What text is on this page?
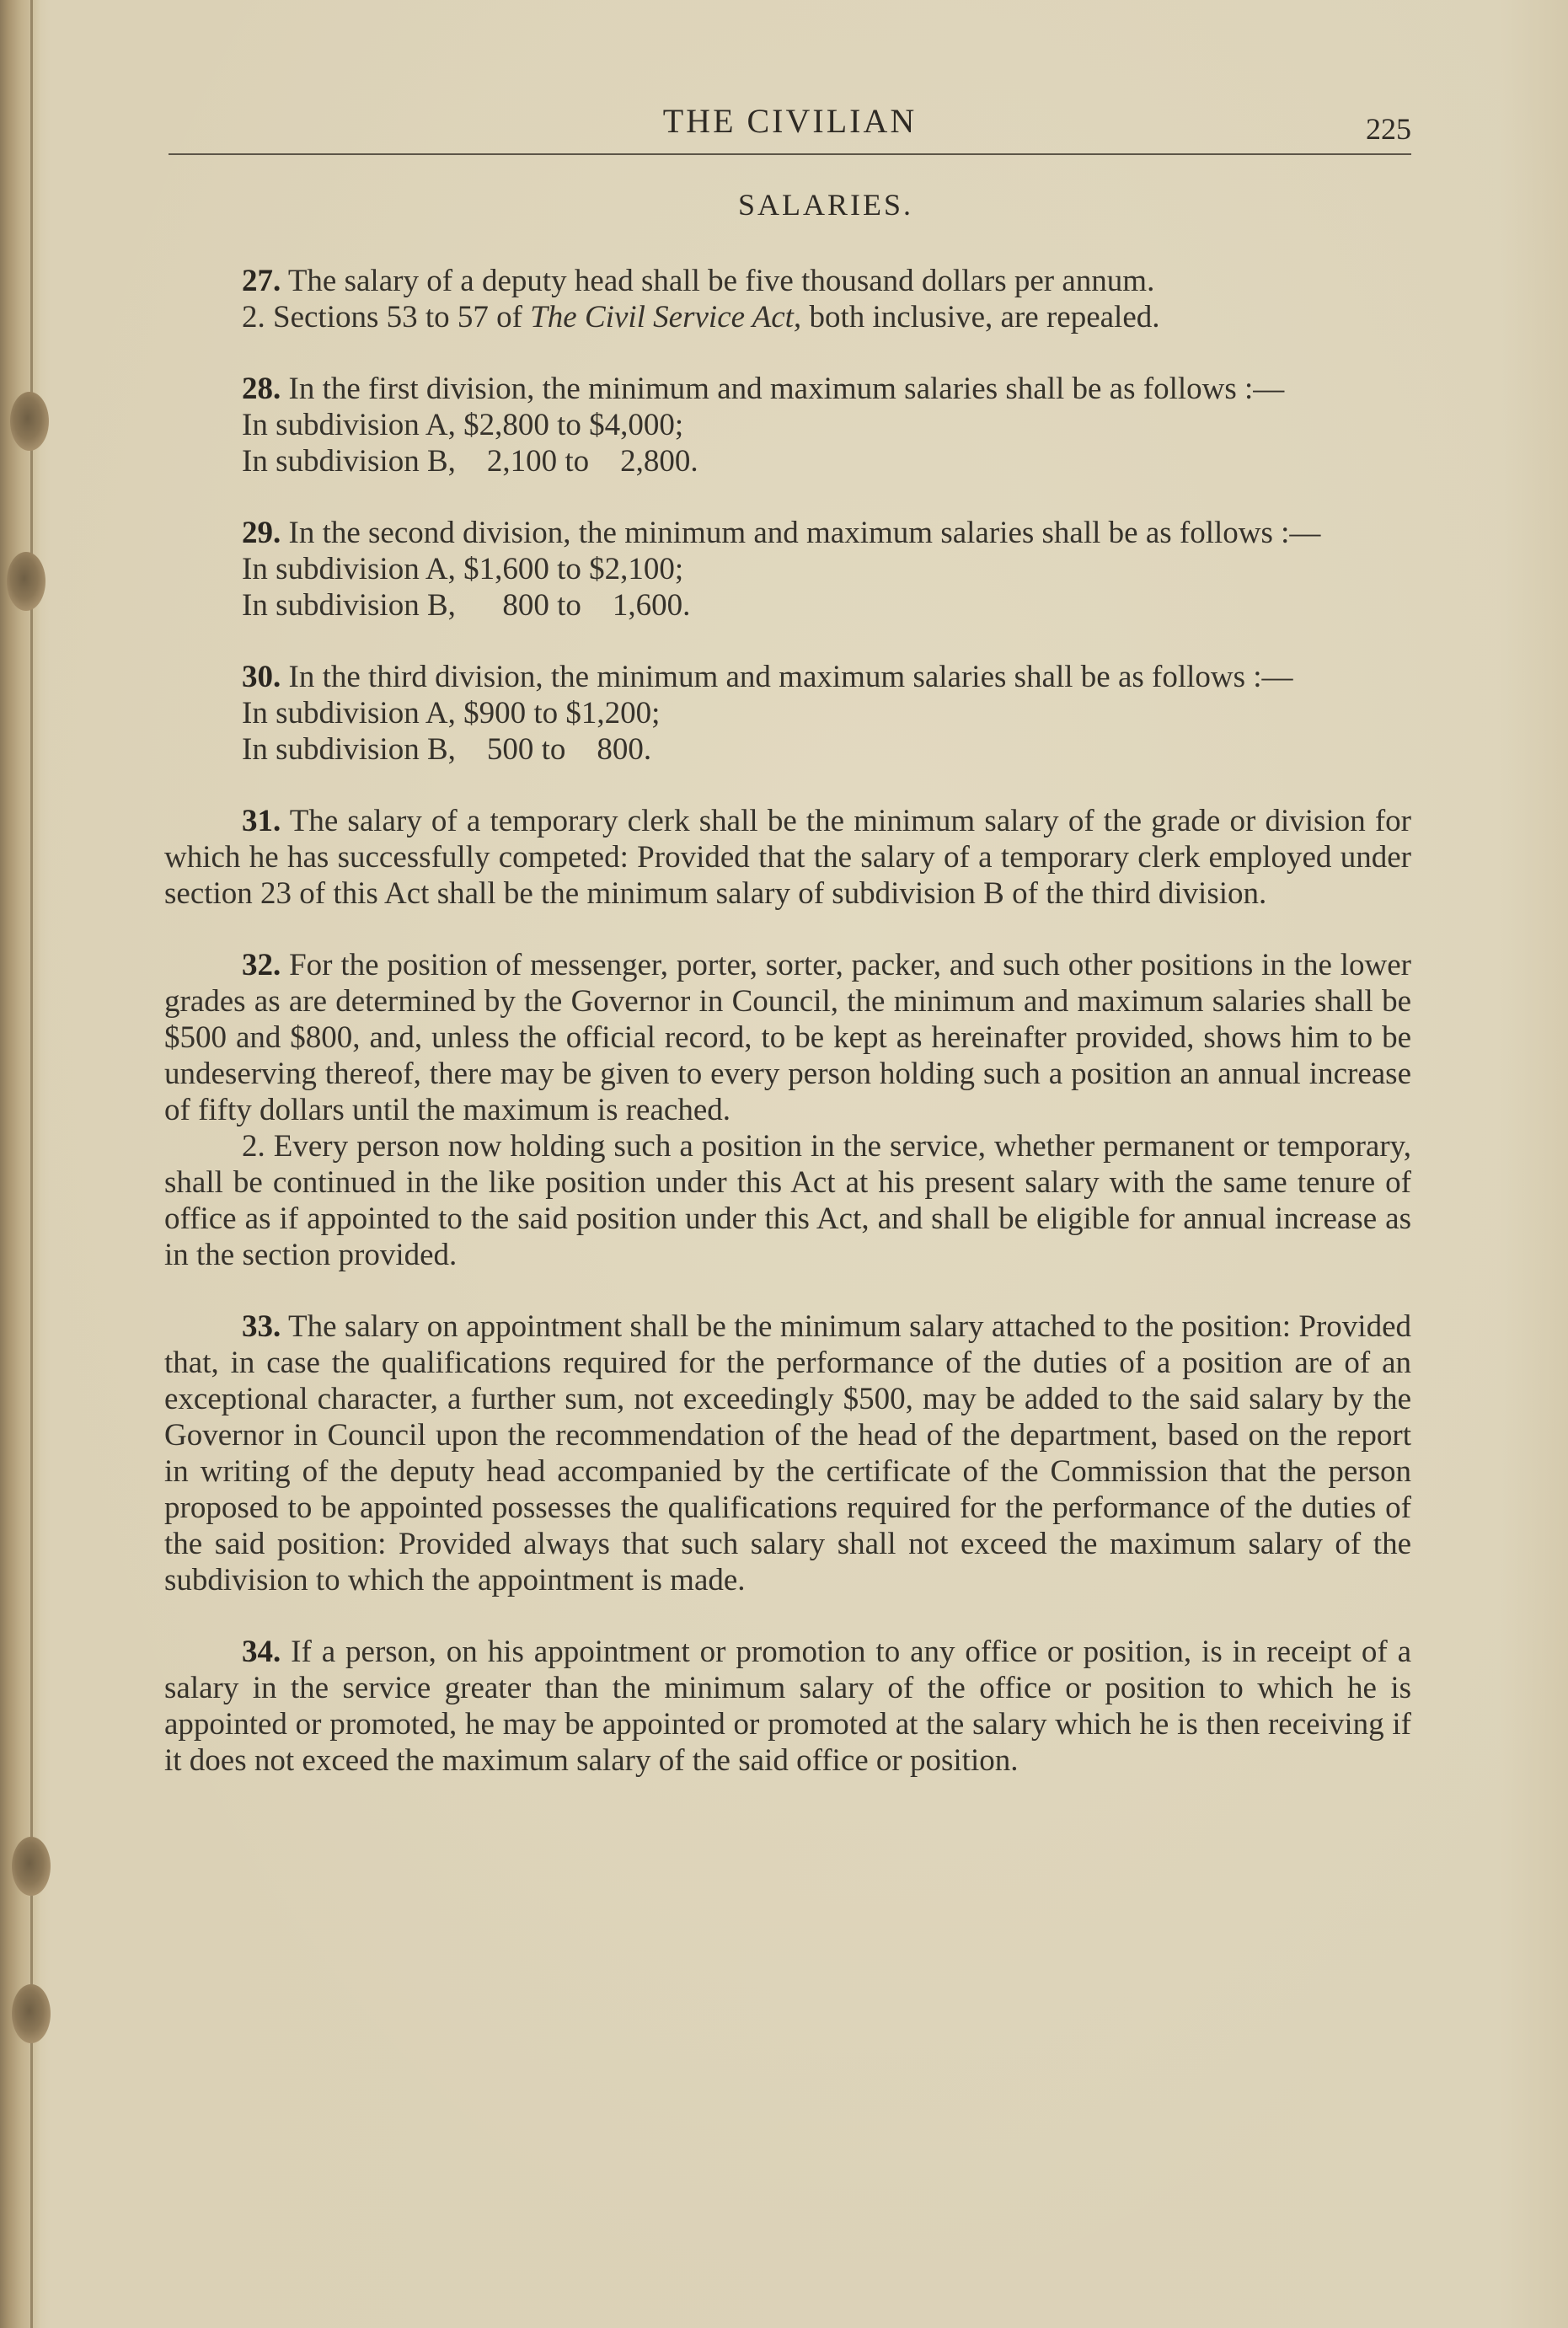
THE CIVILIAN	225
SALARIES.

27. The salary of a deputy head shall be five thousand dollars per annum.

2. Sections 53 to 57 of The Civil Service Act, both inclusive, are repealed.

28. In the first division, the minimum and maximum salaries shall be as follows :—

In subdivision A, $2,800 to $4,000;
In subdivision B,    2,100 to    2,800.

29. In the second division, the minimum and maximum salaries shall be as follows :—

In subdivision A, $1,600 to $2,100;
In subdivision B,      800 to    1,600.

30. In the third division, the minimum and maximum salaries shall be as follows :—

In subdivision A, $900 to $1,200;
In subdivision B,    500 to    800.

31. The salary of a temporary clerk shall be the minimum salary of the grade or division for which he has successfully competed: Provided that the salary of a temporary clerk employed under section 23 of this Act shall be the minimum salary of subdivision B of the third division.

32. For the position of messenger, porter, sorter, packer, and such other positions in the lower grades as are determined by the Governor in Council, the minimum and maximum salaries shall be $500 and $800, and, unless the official record, to be kept as hereinafter provided, shows him to be undeserving thereof, there may be given to every person holding such a position an annual increase of fifty dollars until the maximum is reached.

2. Every person now holding such a position in the service, whether permanent or temporary, shall be continued in the like position under this Act at his present salary with the same tenure of office as if appointed to the said position under this Act, and shall be eligible for annual increase as in the section provided.

33. The salary on appointment shall be the minimum salary attached to the position: Provided that, in case the qualifications required for the performance of the duties of a position are of an exceptional character, a further sum, not exceedingly $500, may be added to the said salary by the Governor in Council upon the recommendation of the head of the department, based on the report in writing of the deputy head accompanied by the certificate of the Commission that the person proposed to be appointed possesses the qualifications required for the performance of the duties of the said position: Provided always that such salary shall not exceed the maximum salary of the subdivision to which the appointment is made.

34. If a person, on his appointment or promotion to any office or position, is in receipt of a salary in the service greater than the minimum salary of the office or position to which he is appointed or promoted, he may be appointed or promoted at the salary which he is then receiving if it does not exceed the maximum salary of the said office or position.
